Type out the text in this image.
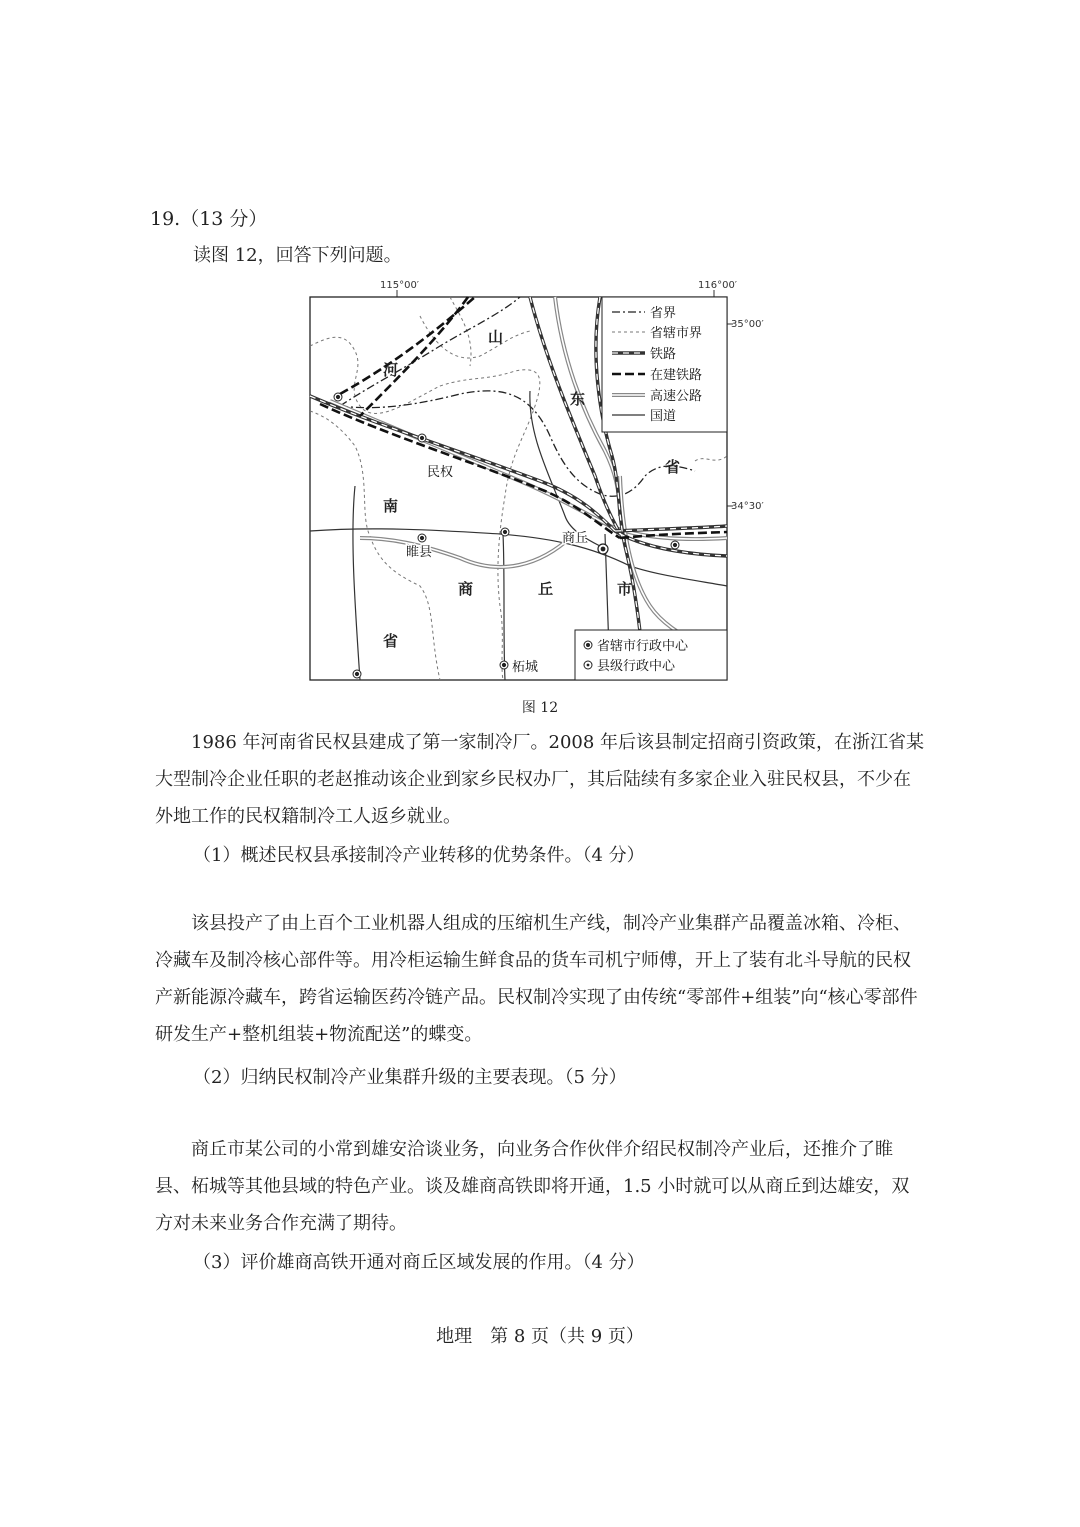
19.（13 分）
读图 12，回答下列问题。
115°00′	116°00′
35°00′
34°30′
河
南
省
山
东
省
商	丘	市
民权
睢县
商丘
柘城
省界
省辖市界
铁路
在建铁路
高速公路
国道
省辖市行政中心
县级行政中心
图 12

1986 年河南省民权县建成了第一家制冷厂。2008 年后该县制定招商引资政策，在浙江省某大型制冷企业任职的老赵推动该企业到家乡民权办厂，其后陆续有多家企业入驻民权县，不少在外地工作的民权籍制冷工人返乡就业。

（1）概述民权县承接制冷产业转移的优势条件。（4 分）

该县投产了由上百个工业机器人组成的压缩机生产线，制冷产业集群产品覆盖冰箱、冷柜、冷藏车及制冷核心部件等。用冷柜运输生鲜食品的货车司机宁师傅，开上了装有北斗导航的民权产新能源冷藏车，跨省运输医药冷链产品。民权制冷实现了由传统“零部件+组装”向“核心零部件研发生产+整机组装+物流配送”的蝶变。

（2）归纳民权制冷产业集群升级的主要表现。（5 分）

商丘市某公司的小常到雄安洽谈业务，向业务合作伙伴介绍民权制冷产业后，还推介了睢县、柘城等其他县域的特色产业。谈及雄商高铁即将开通，1.5 小时就可以从商丘到达雄安，双方对未来业务合作充满了期待。

（3）评价雄商高铁开通对商丘区域发展的作用。（4 分）
地理　第 8 页（共 9 页）
